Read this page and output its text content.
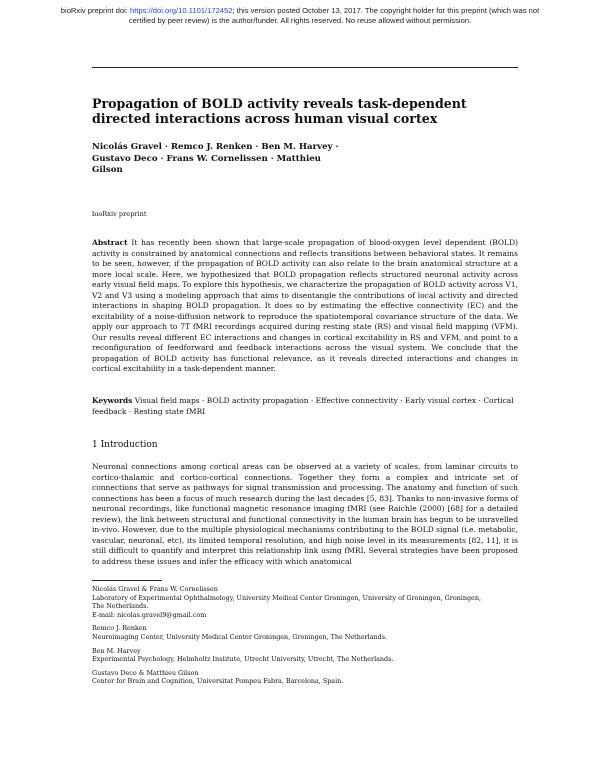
bioRxiv preprint doi: https://doi.org/10.1101/172452; this version posted October 13, 2017. The copyright holder for this preprint (which was not
certified by peer review) is the author/funder. All rights reserved. No reuse allowed without permission.
Propagation of BOLD activity reveals task-dependent directed interactions across human visual cortex
Nicolás Gravel · Remco J. Renken · Ben M. Harvey ·
Gustavo Deco · Frans W. Cornelissen · Matthieu
Gilson
bioRxiv preprint

Abstract It has recently been shown that large-scale propagation of blood-oxygen level dependent (BOLD) activity is constrained by anatomical connections and reflects transitions between behavioral states. It remains to be seen, however, if the propagation of BOLD activity can also relate to the brain anatomical structure at a more local scale. Here, we hypothesized that BOLD propagation reflects structured neuronal activity across early visual field maps. To explore this hypothesis, we characterize the propagation of BOLD activity across V1, V2 and V3 using a modeling approach that aims to disentangle the contributions of local activity and directed interactions in shaping BOLD propagation. It does so by estimating the effective connectivity (EC) and the excitability of a noise-diffusion network to reproduce the spatiotemporal covariance structure of the data. We apply our approach to 7T fMRI recordings acquired during resting state (RS) and visual field mapping (VFM). Our results reveal different EC interactions and changes in cortical excitability in RS and VFM, and point to a reconfiguration of feedforward and feedback interactions across the visual system. We conclude that the propagation of BOLD activity has functional relevance, as it reveals directed interactions and changes in cortical excitability in a task-dependent manner.

Keywords Visual field maps · BOLD activity propagation · Effective connectivity · Early visual cortex · Cortical feedback · Resting state fMRI

1 Introduction

Neuronal connections among cortical areas can be observed at a variety of scales, from laminar circuits to cortico-thalamic and cortico-cortical connections. Together they form a complex and intricate set of connections that serve as pathways for signal transmission and processing. The anatomy and function of such connections has been a focus of much research during the last decades [5, 83]. Thanks to non-invasive forms of neuronal recordings, like functional magnetic resonance imaging fMRI (see Raichle (2000) [68] for a detailed review), the link between structural and functional connectivity in the human brain has begun to be unravelled in-vivo. However, due to the multiple physiological mechanisms contributing to the BOLD signal (i.e. metabolic, vascular, neuronal, etc), its limited temporal resolution, and high noise level in its measurements [82, 11], it is still difficult to quantify and interpret this relationship link using fMRI. Several strategies have been proposed to address these issues and infer the efficacy with which anatomical

Nicolás Gravel & Frans W. Cornelissen
Laboratory of Experimental Ophthalmology, University Medical Center Groningen, University of Groningen, Groningen,
The Netherlands.
E-mail: nicolas.gravel9@gmail.com
Remco J. Renken
Neuroimaging Center, University Medical Center Groningen, Groningen, The Netherlands.
Ben M. Harvey
Experimental Psychology, Helmholtz Institute, Utrecht University, Utrecht, The Netherlands.
Gustavo Deco & Matthieu Gilson
Center for Brain and Cognition, Universitat Pompeu Fabra, Barcelona, Spain.
